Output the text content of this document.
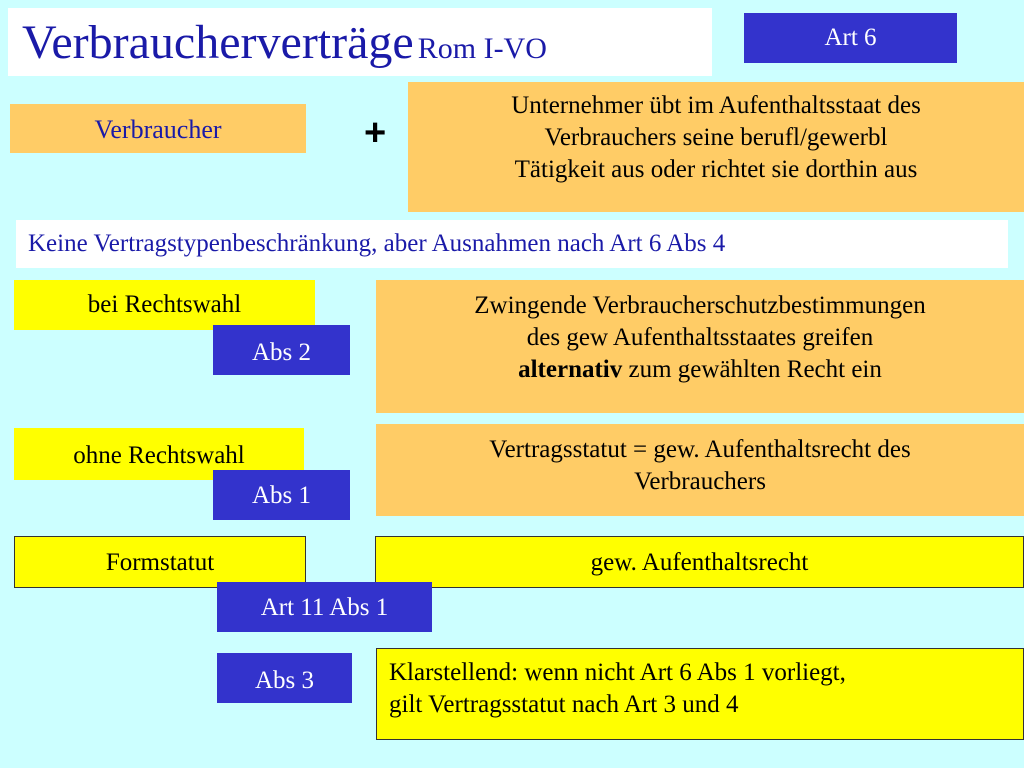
Verbraucherverträge Rom I-VO	Art 6
Verbraucher	+
Unternehmer übt im Aufenthaltsstaat des
Verbrauchers seine berufl/gewerbl
Tätigkeit aus oder richtet sie dorthin aus
Keine Vertragstypenbeschränkung, aber Ausnahmen nach Art 6 Abs 4
bei Rechtswahl
Abs 2
Zwingende Verbraucherschutzbestimmungen
des gew Aufenthaltsstaates greifen
alternativ zum gewählten Recht ein
ohne Rechtswahl
Abs 1
Vertragsstatut = gew. Aufenthaltsrecht des
Verbrauchers
Formstatut	gew. Aufenthaltsrecht
Art 11 Abs 1
Abs 3	Klarstellend: wenn nicht Art 6 Abs 1 vorliegt,
gilt Vertragsstatut nach Art 3 und 4
